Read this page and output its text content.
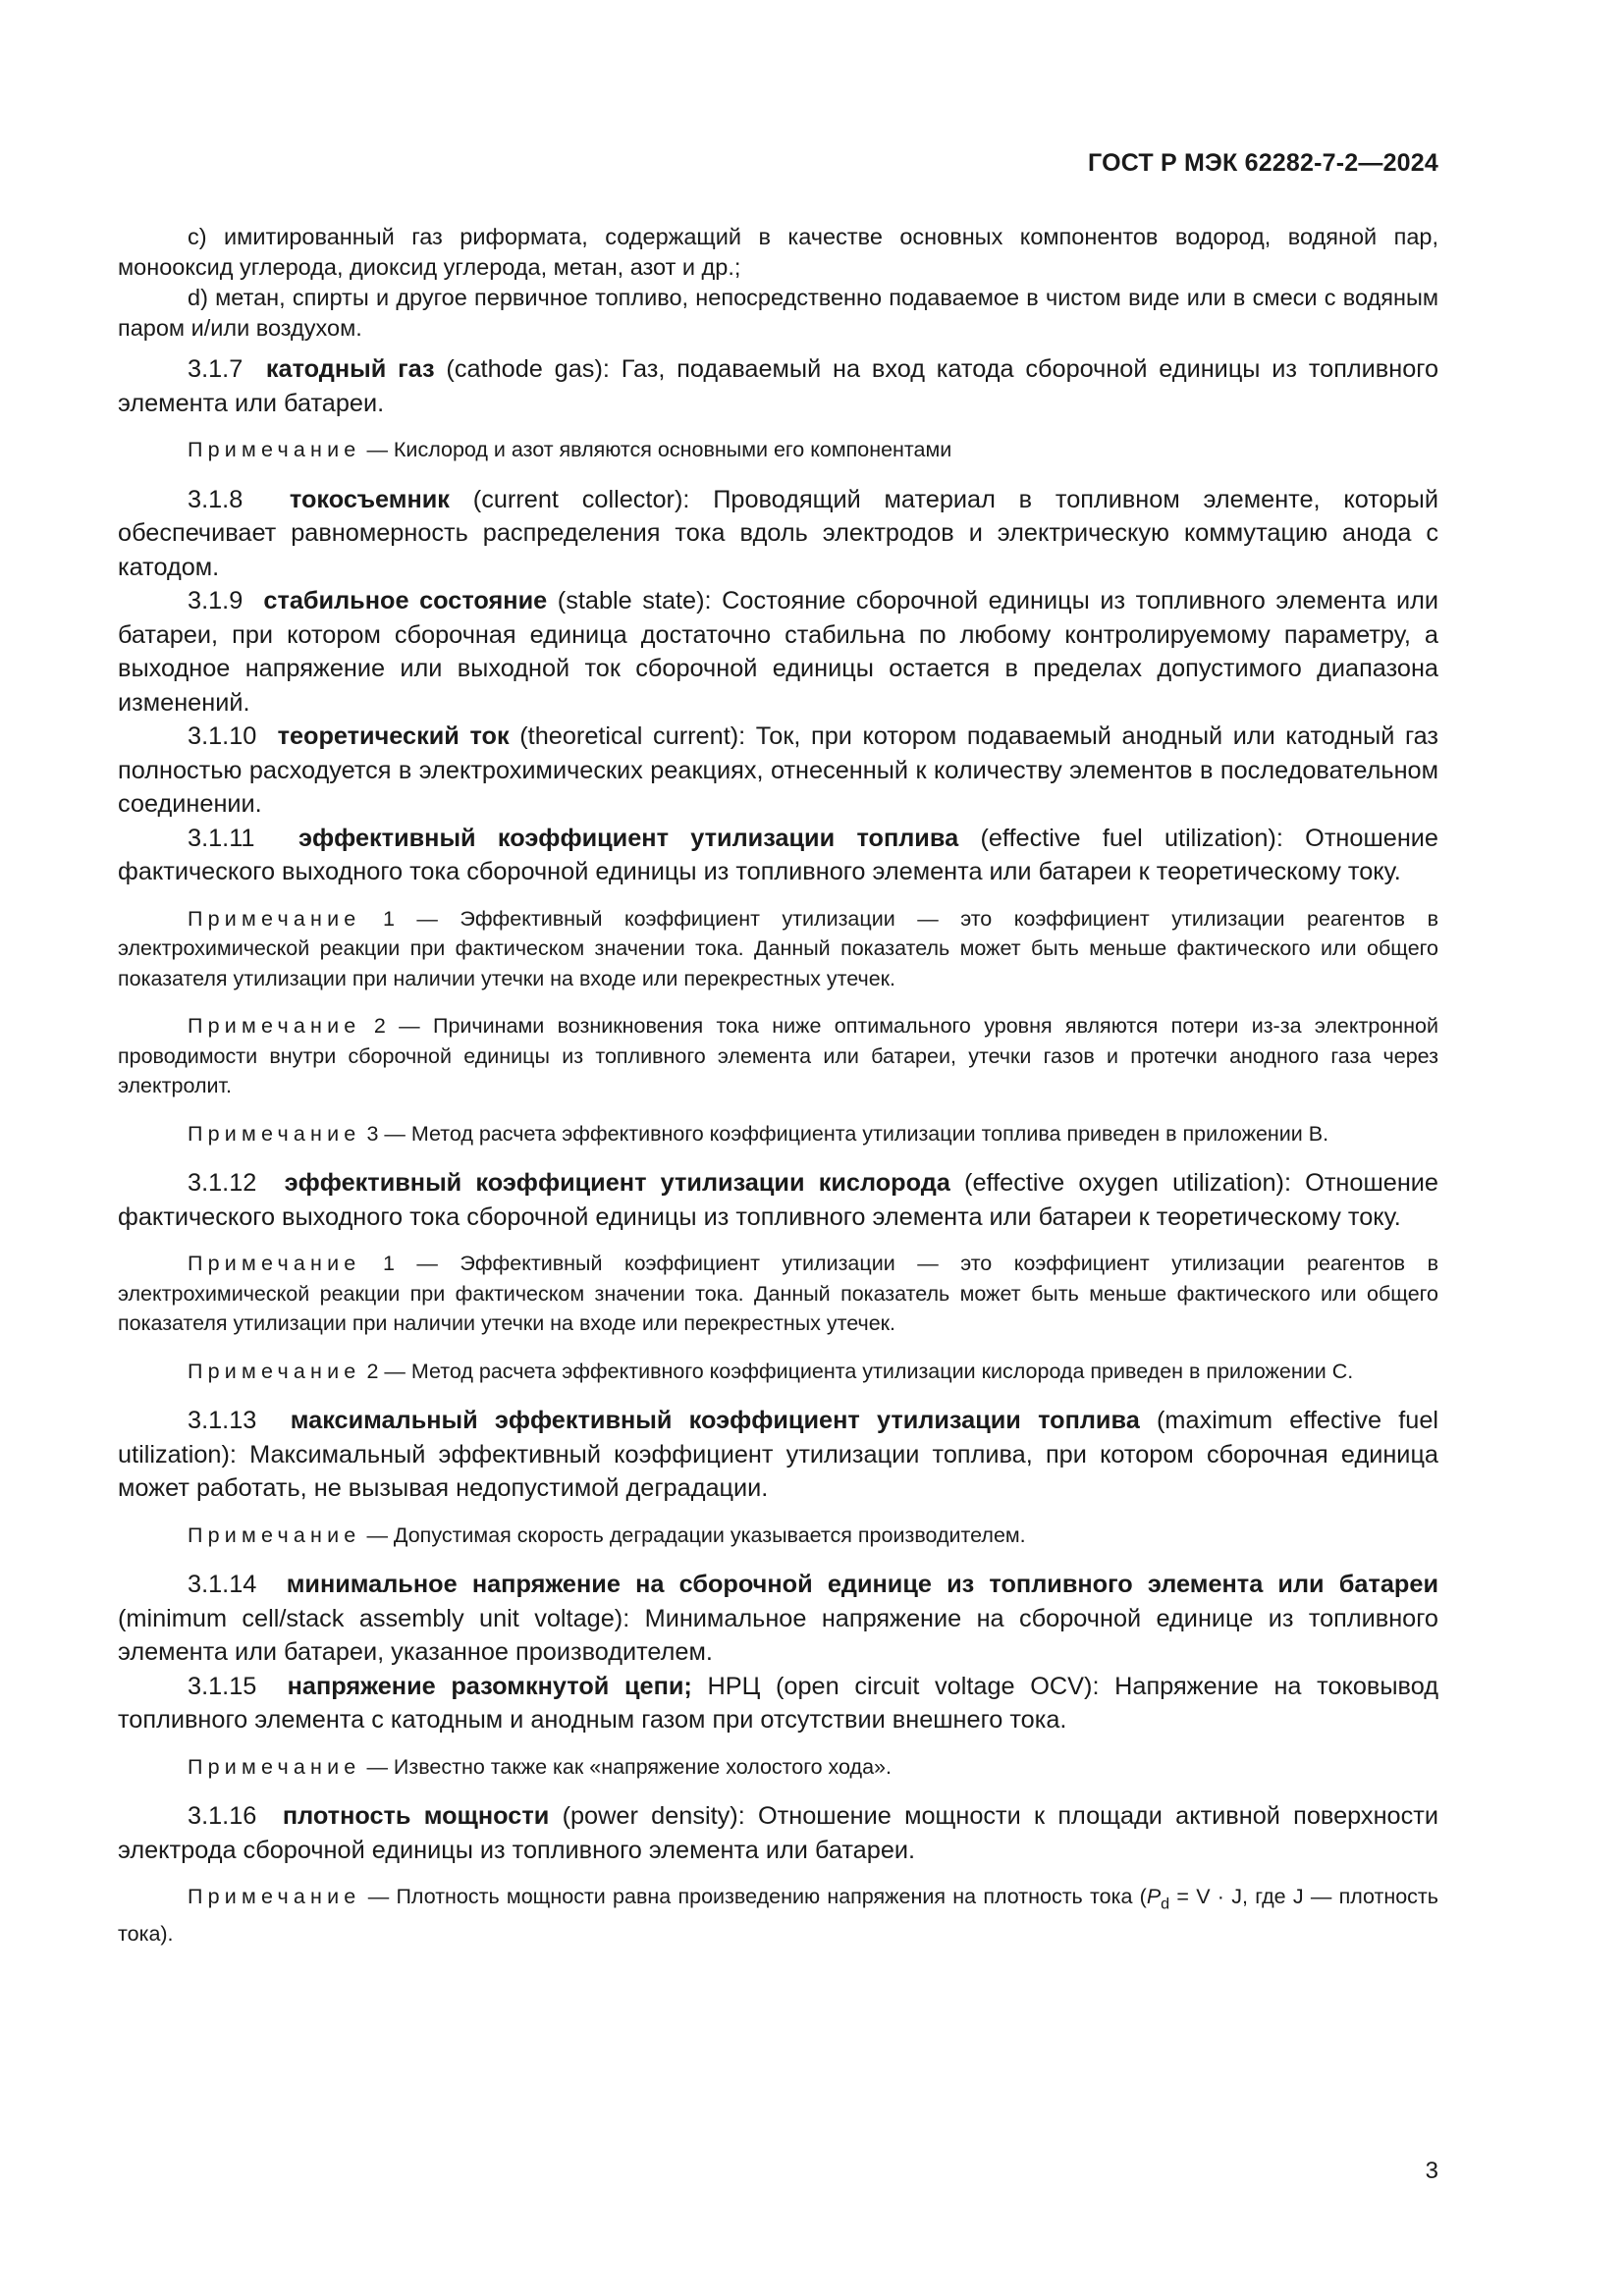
ГОСТ Р МЭК 62282-7-2—2024

с) имитированный газ риформата, содержащий в качестве основных компонентов водород, водяной пар, монооксид углерода, диоксид углерода, метан, азот и др.;

d) метан, спирты и другое первичное топливо, непосредственно подаваемое в чистом виде или в смеси с водяным паром и/или воздухом.

3.1.7 катодный газ (cathode gas): Газ, подаваемый на вход катода сборочной единицы из топливного элемента или батареи.

Примечание — Кислород и азот являются основными его компонентами

3.1.8 токосъемник (current collector): Проводящий материал в топливном элементе, который обеспечивает равномерность распределения тока вдоль электродов и электрическую коммутацию анода с катодом.

3.1.9 стабильное состояние (stable state): Состояние сборочной единицы из топливного элемента или батареи, при котором сборочная единица достаточно стабильна по любому контролируемому параметру, а выходное напряжение или выходной ток сборочной единицы остается в пределах допустимого диапазона изменений.

3.1.10 теоретический ток (theoretical current): Ток, при котором подаваемый анодный или катодный газ полностью расходуется в электрохимических реакциях, отнесенный к количеству элементов в последовательном соединении.

3.1.11 эффективный коэффициент утилизации топлива (effective fuel utilization): Отношение фактического выходного тока сборочной единицы из топливного элемента или батареи к теоретическому току.

Примечание 1 — Эффективный коэффициент утилизации — это коэффициент утилизации реагентов в электрохимической реакции при фактическом значении тока. Данный показатель может быть меньше фактического или общего показателя утилизации при наличии утечки на входе или перекрестных утечек.

Примечание 2 — Причинами возникновения тока ниже оптимального уровня являются потери из-за электронной проводимости внутри сборочной единицы из топливного элемента или батареи, утечки газов и протечки анодного газа через электролит.

Примечание 3 — Метод расчета эффективного коэффициента утилизации топлива приведен в приложении В.

3.1.12 эффективный коэффициент утилизации кислорода (effective oxygen utilization): Отношение фактического выходного тока сборочной единицы из топливного элемента или батареи к теоретическому току.

Примечание 1 — Эффективный коэффициент утилизации — это коэффициент утилизации реагентов в электрохимической реакции при фактическом значении тока. Данный показатель может быть меньше фактического или общего показателя утилизации при наличии утечки на входе или перекрестных утечек.

Примечание 2 — Метод расчета эффективного коэффициента утилизации кислорода приведен в приложении С.

3.1.13 максимальный эффективный коэффициент утилизации топлива (maximum effective fuel utilization): Максимальный эффективный коэффициент утилизации топлива, при котором сборочная единица может работать, не вызывая недопустимой деградации.

Примечание — Допустимая скорость деградации указывается производителем.

3.1.14 минимальное напряжение на сборочной единице из топливного элемента или батареи (minimum cell/stack assembly unit voltage): Минимальное напряжение на сборочной единице из топливного элемента или батареи, указанное производителем.

3.1.15 напряжение разомкнутой цепи; НРЦ (open circuit voltage OCV): Напряжение на токовывод топливного элемента с катодным и анодным газом при отсутствии внешнего тока.

Примечание — Известно также как «напряжение холостого хода».

3.1.16 плотность мощности (power density): Отношение мощности к площади активной поверхности электрода сборочной единицы из топливного элемента или батареи.

Примечание — Плотность мощности равна произведению напряжения на плотность тока ($P_d = V \cdot J$, где J — плотность тока).

3
